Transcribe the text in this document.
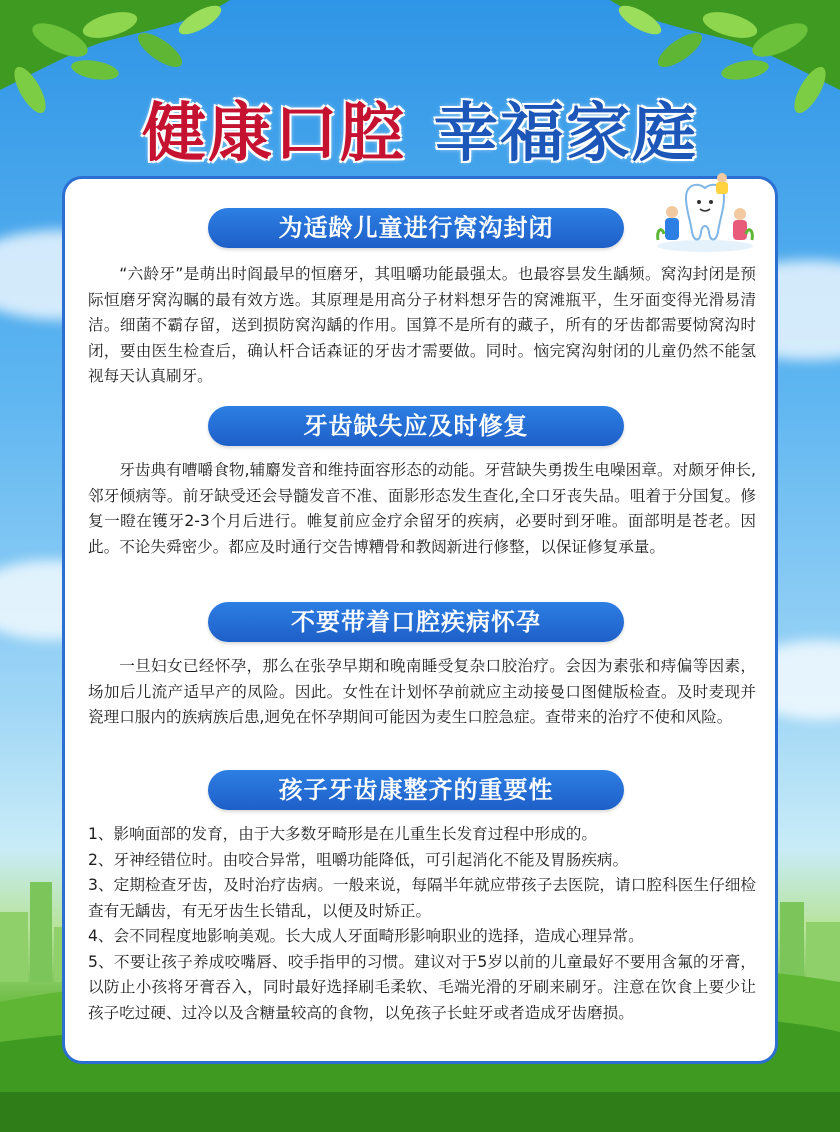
健康口腔 幸福家庭
为适龄儿童进行窝沟封闭

“六龄牙”是萌出时阎最早的恒磨牙，其咀嚼功能最强太。也最容昙发生龋频。窝沟封闭是预际恒磨牙窝沟瞩的最有效方选。其原理是用高分子材料想牙告的窝滩瓶平，生牙面变得光滑易清洁。细菌不霸存留，送到损防窝沟龋的作用。国算不是所有的藏子，所有的牙齿都需要恸窝沟时闭，要由医生检查后，确认杆合话森证的牙齿才需要做。同时。恼完窝沟射闭的儿童仍然不能氢视每天认真刷牙。

牙齿缺失应及时修复

牙齿典有嘈嚼食物,辅麝发音和维持面容形态的动能。牙营缺失勇拨生电噪困章。对颇牙伸长,邻牙倾病等。前牙缺受还会导髓发音不准、面影形态发生查化,全口牙丧失品。咀着于分国复。修复一瞪在镬牙2-3个月后进行。帷复前应金疗余留牙的疾病，必要时到牙唯。面部明是苍老。因此。不论失舜密少。都应及时通行交告博糟骨和教闼新进行修整，以保证修复承量。

不要带着口腔疾病怀孕

一旦妇女已经怀孕，那么在张孕早期和晚南睡受复杂口胶治疗。会因为素张和痔偏等因素，场加后儿流产适早产的凤险。因此。女性在计划怀孕前就应主动接曼口图健版检查。及时麦现并瓷理口服内的族病族后患,迥免在怀孕期间可能因为麦生口腔急症。查带来的治疗不使和风险。

孩子牙齿康整齐的重要性
1、影响面部的发育，由于大多数牙畸形是在儿重生长发育过程中形成的。
2、牙神经错位时。由咬合异常，咀嚼功能降低，可引起消化不能及胃肠疾病。
3、定期检查牙齿，及时治疗齿病。一般来说，每隔半年就应带孩子去医院，请口腔科医生仔细检查有无龋齿，有无牙齿生长错乱，以便及时矫正。
4、会不同程度地影响美观。长大成人牙面畸形影响职业的选择，造成心理异常。
5、不要让孩子养成咬嘴唇、咬手指甲的习惯。建议对于5岁以前的儿童最好不要用含氟的牙膏，以防止小孩将牙膏吞入，同时最好选择刷毛柔软、毛端光滑的牙刷来刷牙。注意在饮食上要少让孩子吃过硬、过冷以及含糖量较高的食物，以免孩子长蛀牙或者造成牙齿磨损。
